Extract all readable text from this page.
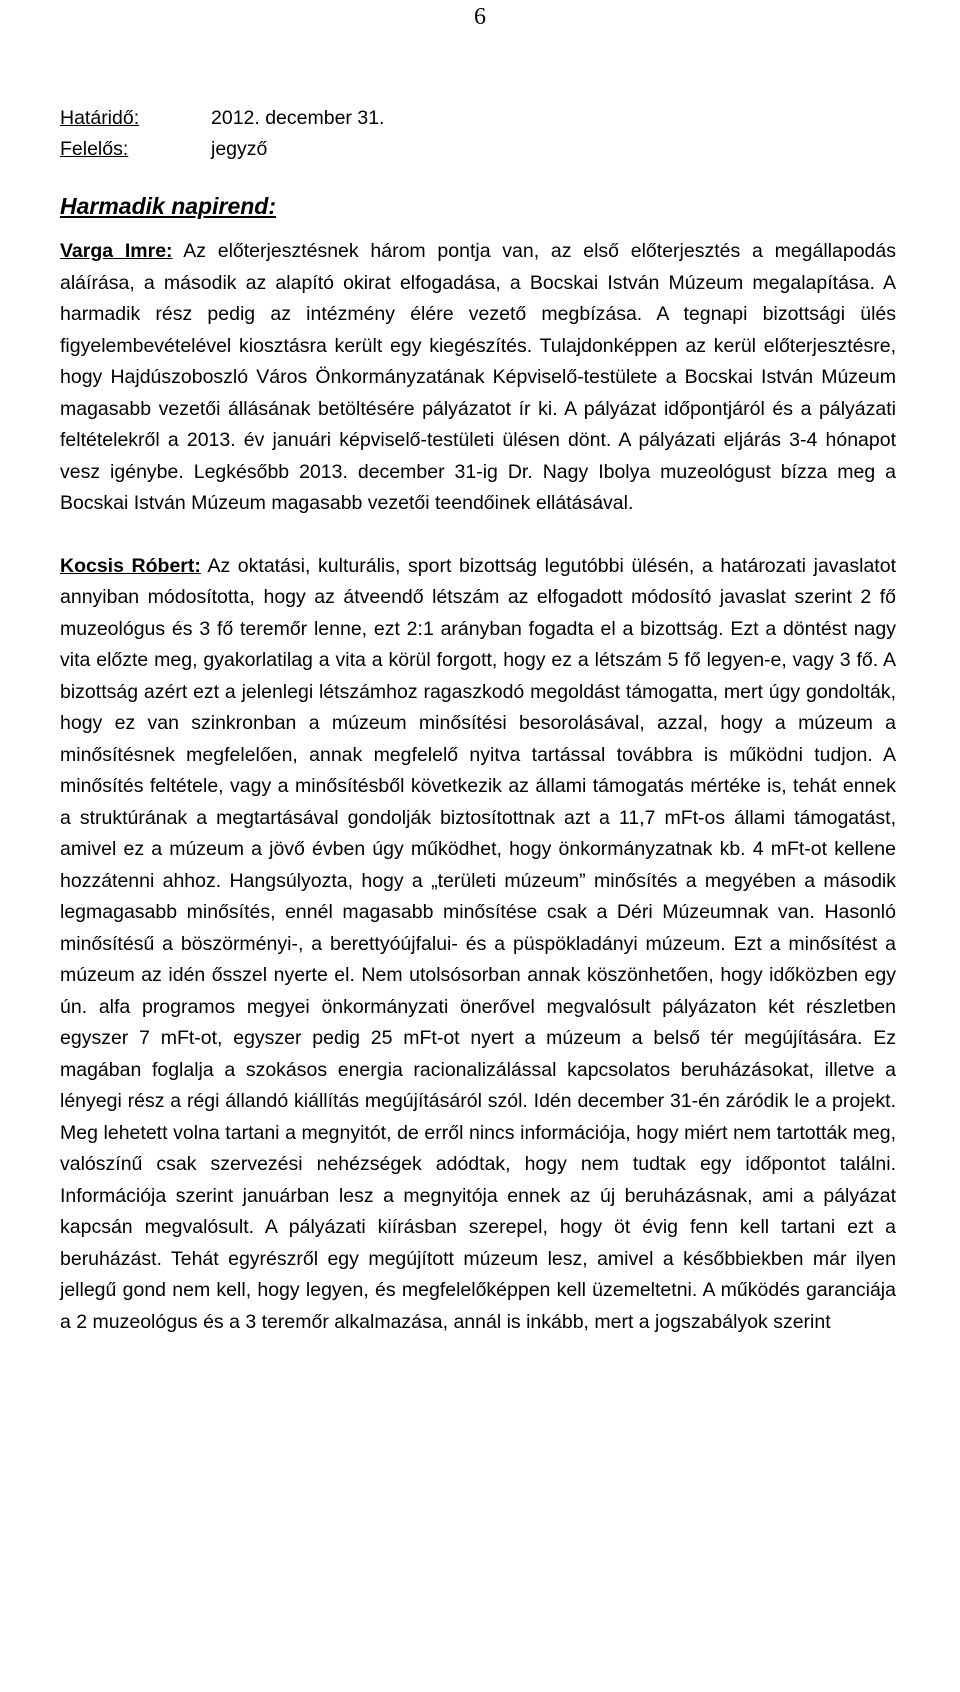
6
Határidő:	2012. december 31.
Felelős:	jegyző
Harmadik napirend:

Varga Imre: Az előterjesztésnek három pontja van, az első előterjesztés a megállapodás aláírása, a második az alapító okirat elfogadása, a Bocskai István Múzeum megalapítása. A harmadik rész pedig az intézmény élére vezető megbízása. A tegnapi bizottsági ülés figyelembevételével kiosztásra került egy kiegészítés. Tulajdonképpen az kerül előterjesztésre, hogy Hajdúszoboszló Város Önkormányzatának Képviselő-testülete a Bocskai István Múzeum magasabb vezetői állásának betöltésére pályázatot ír ki. A pályázat időpontjáról és a pályázati feltételekről a 2013. év januári képviselő-testületi ülésen dönt. A pályázati eljárás 3-4 hónapot vesz igénybe. Legkésőbb 2013. december 31-ig Dr. Nagy Ibolya muzeológust bízza meg a Bocskai István Múzeum magasabb vezetői teendőinek ellátásával.

Kocsis Róbert: Az oktatási, kulturális, sport bizottság legutóbbi ülésén, a határozati javaslatot annyiban módosította, hogy az átveendő létszám az elfogadott módosító javaslat szerint 2 fő muzeológus és 3 fő teremőr lenne, ezt 2:1 arányban fogadta el a bizottság. Ezt a döntést nagy vita előzte meg, gyakorlatilag a vita a körül forgott, hogy ez a létszám 5 fő legyen-e, vagy 3 fő. A bizottság azért ezt a jelenlegi létszámhoz ragaszkodó megoldást támogatta, mert úgy gondolták, hogy ez van szinkronban a múzeum minősítési besorolásával, azzal, hogy a múzeum a minősítésnek megfelelően, annak megfelelő nyitva tartással továbbra is működni tudjon. A minősítés feltétele, vagy a minősítésből következik az állami támogatás mértéke is, tehát ennek a struktúrának a megtartásával gondolják biztosítottnak azt a 11,7 mFt-os állami támogatást, amivel ez a múzeum a jövő évben úgy működhet, hogy önkormányzatnak kb. 4 mFt-ot kellene hozzátenni ahhoz. Hangsúlyozta, hogy a „területi múzeum” minősítés a megyében a második legmagasabb minősítés, ennél magasabb minősítése csak a Déri Múzeumnak van. Hasonló minősítésű a böszörményi-, a berettyóújfalui- és a püspökladányi múzeum. Ezt a minősítést a múzeum az idén ősszel nyerte el. Nem utolsósorban annak köszönhetően, hogy időközben egy ún. alfa programos megyei önkormányzati önerővel megvalósult pályázaton két részletben egyszer 7 mFt-ot, egyszer pedig 25 mFt-ot nyert a múzeum a belső tér megújítására. Ez magában foglalja a szokásos energia racionalizálással kapcsolatos beruházásokat, illetve a lényegi rész a régi állandó kiállítás megújításáról szól. Idén december 31-én záródik le a projekt. Meg lehetett volna tartani a megnyitót, de erről nincs információja, hogy miért nem tartották meg, valószínű csak szervezési nehézségek adódtak, hogy nem tudtak egy időpontot találni. Információja szerint januárban lesz a megnyitója ennek az új beruházásnak, ami a pályázat kapcsán megvalósult. A pályázati kiírásban szerepel, hogy öt évig fenn kell tartani ezt a beruházást. Tehát egyrészről egy megújított múzeum lesz, amivel a későbbiekben már ilyen jellegű gond nem kell, hogy legyen, és megfelelőképpen kell üzemeltetni. A működés garanciája a 2 muzeológus és a 3 teremőr alkalmazása, annál is inkább, mert a jogszabályok szerint
